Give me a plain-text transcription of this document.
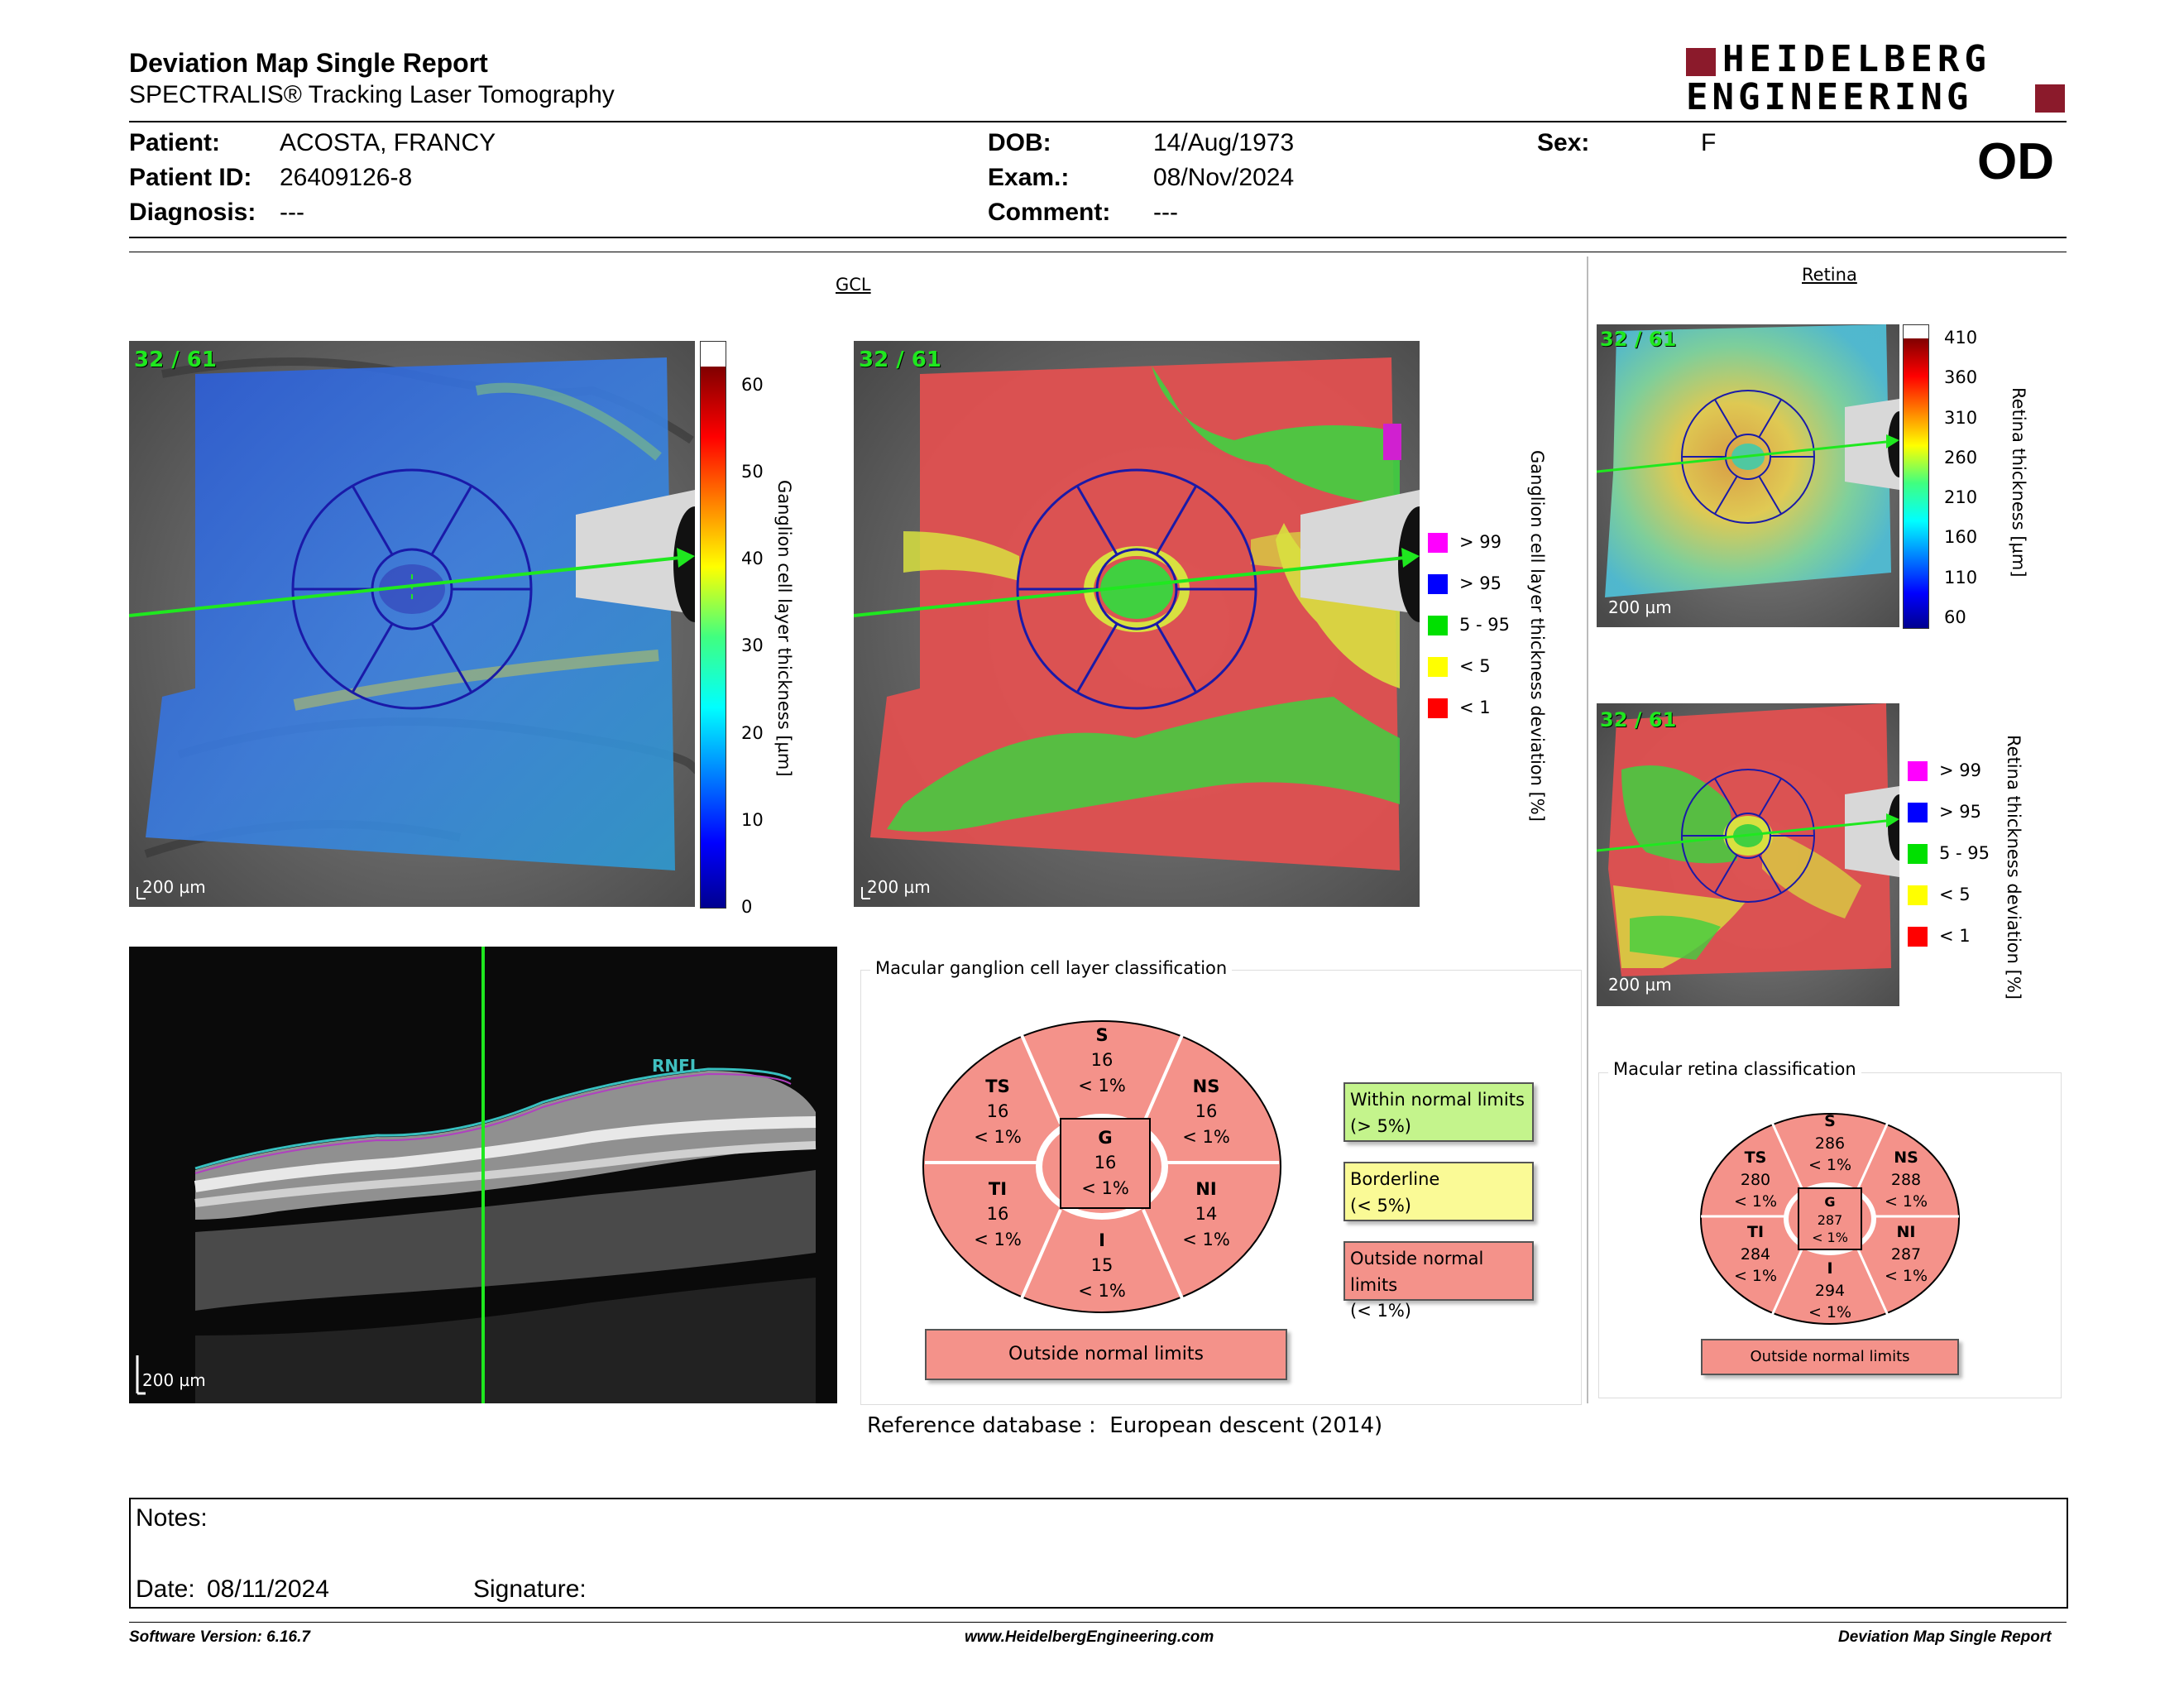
Deviation Map Single Report
SPECTRALIS® Tracking Laser Tomography
HEIDELBERG
ENGINEERING
Patient: ACOSTA, FRANCY
Patient ID: 26409126-8
Diagnosis: ---
DOB:	14/Aug/1973
Exam.:	08/Nov/2024
Comment: ---
Sex:	F	OD
GCL
32 / 61
200 µm
60
50
40
30
20
10
0
Ganglion cell layer thickness [µm]
32 / 61
200 µm
> 99
> 95
5 - 95
< 5
< 1 Ganglion cell layer thickness deviation [%]
Retina
32 / 61
200 µm
410
360
310
260
210
160
110
60
Retina thickness [µm]
32 / 61
200 µm
> 99
> 95
5 - 95
< 5
< 1 Retina thickness deviation [%]
RNFL
200 µm
Macular ganglion cell layer classification
S
16
< 1%
TS
16
< 1%
NS
16
< 1%
G
16
< 1%
TI
16
< 1%
NI
14
< 1%
I
15
< 1%
Outside normal limits
Within normal limits
(> 5%)
Borderline
(< 5%)
Outside normal limits
(< 1%)
Macular retina classification
S
286
< 1%
TS
280
< 1%
NS
288
< 1%
G
287
< 1%
TI
284
< 1%
NI
287
< 1%
I
294
< 1%
Outside normal limits
Reference database : European descent (2014)
Notes:
Date: 08/11/2024	Signature:
Software Version: 6.16.7	www.HeidelbergEngineering.com	Deviation Map Single Report
